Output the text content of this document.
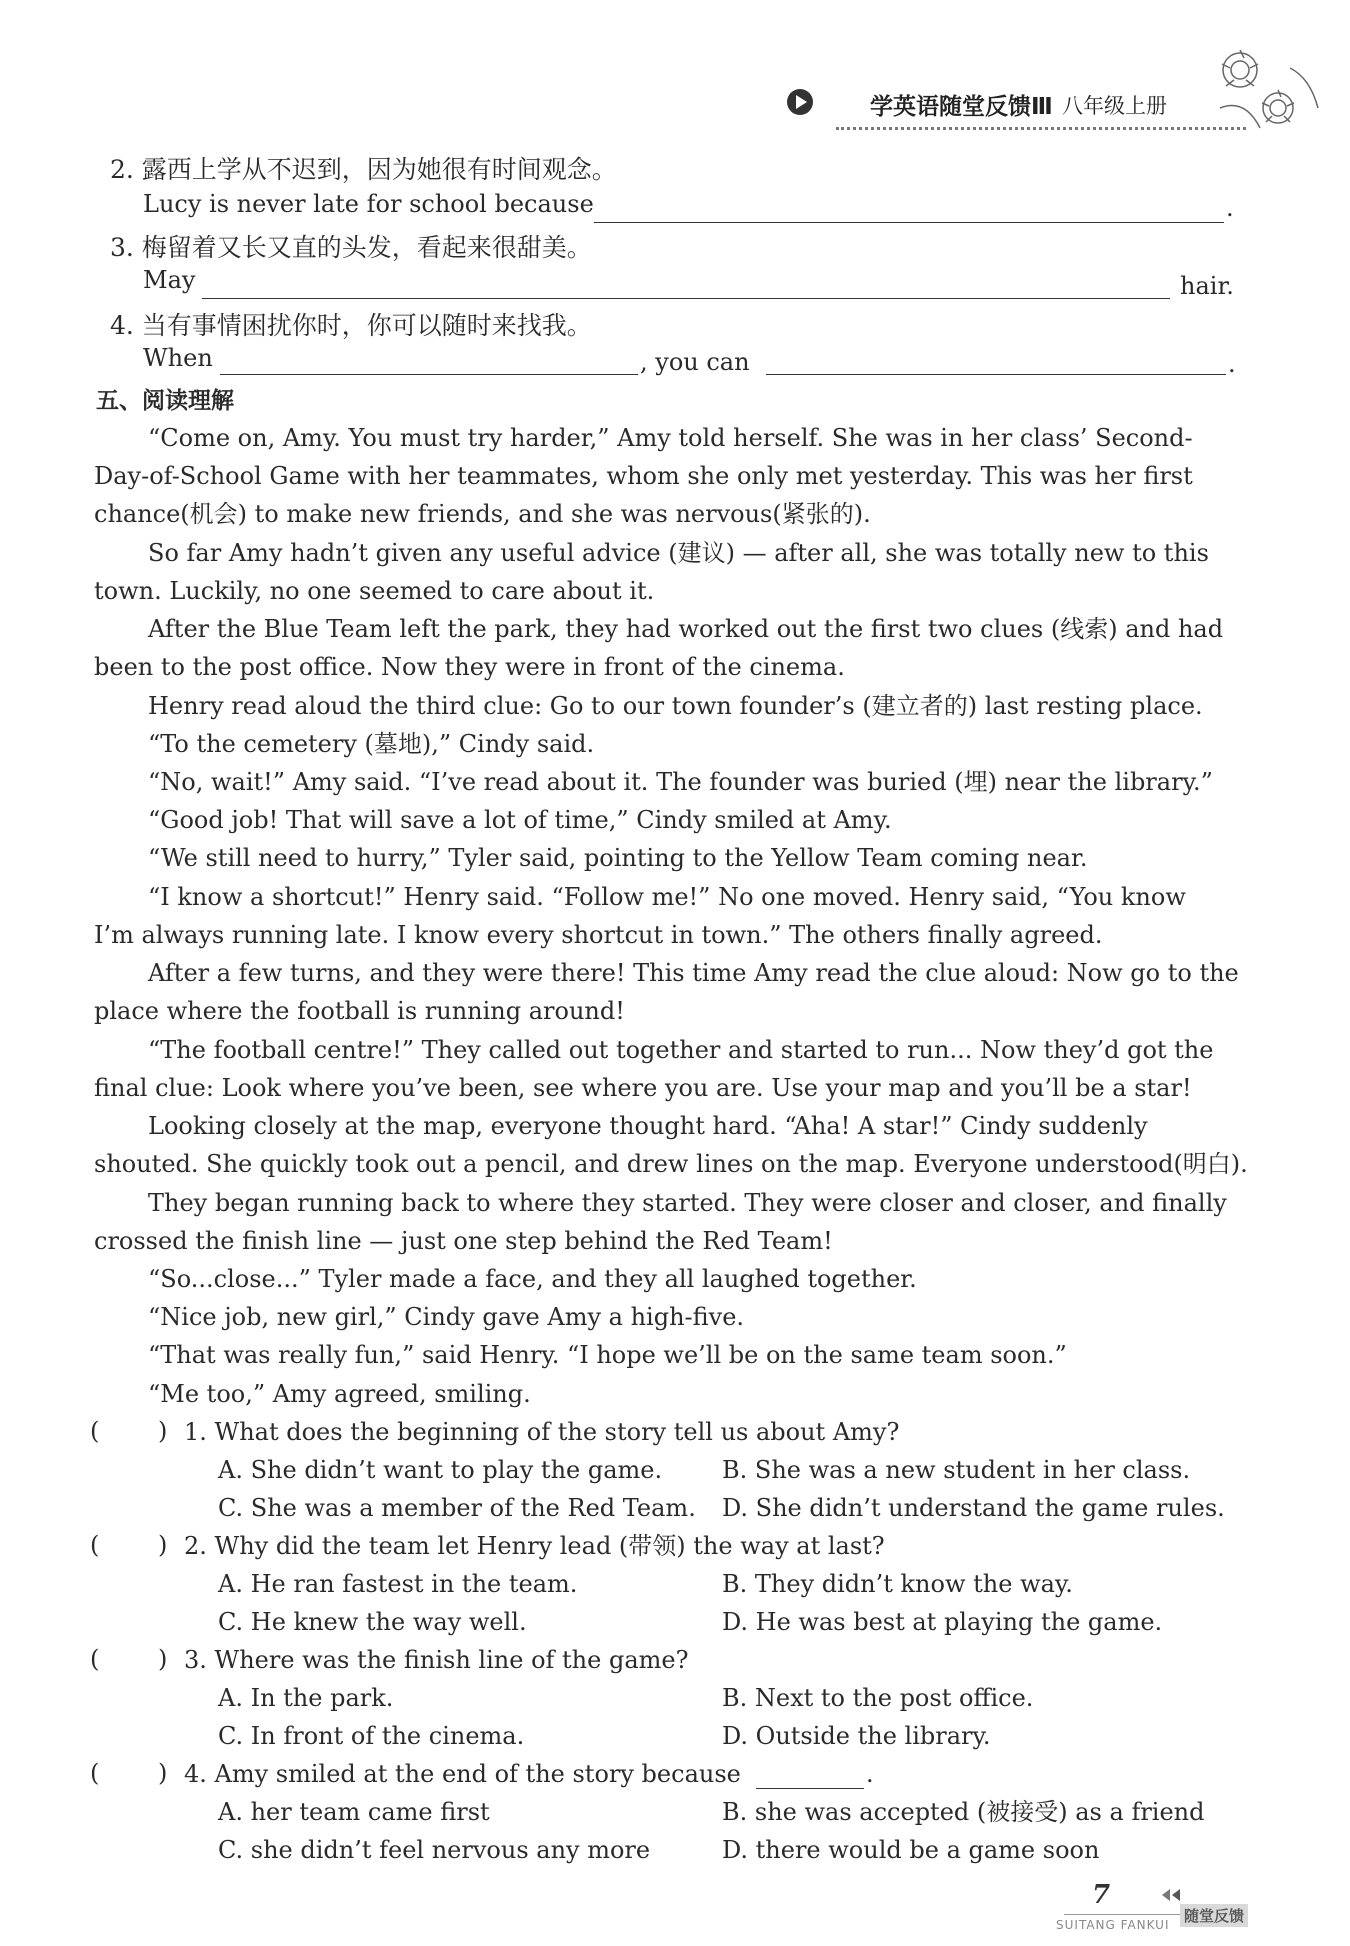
学英语随堂反馈Ⅲ 八年级上册
2. 露西上学从不迟到，因为她很有时间观念。
Lucy is never late for school because	.
3. 梅留着又长又直的头发，看起来很甜美。
May	hair.
4. 当有事情困扰你时，你可以随时来找我。
When	, you can	.
五、阅读理解
“Come on, Amy. You must try harder,” Amy told herself. She was in her class’ Second-
Day-of-School Game with her teammates, whom she only met yesterday. This was her first
chance(机会) to make new friends, and she was nervous(紧张的).
So far Amy hadn’t given any useful advice (建议) — after all, she was totally new to this
town. Luckily, no one seemed to care about it.
After the Blue Team left the park, they had worked out the first two clues (线索) and had
been to the post office. Now they were in front of the cinema.
Henry read aloud the third clue: Go to our town founder’s (建立者的) last resting place.
“To the cemetery (墓地),” Cindy said.
“No, wait!” Amy said. “I’ve read about it. The founder was buried (埋) near the library.”
“Good job! That will save a lot of time,” Cindy smiled at Amy.
“We still need to hurry,” Tyler said, pointing to the Yellow Team coming near.
“I know a shortcut!” Henry said. “Follow me!” No one moved. Henry said, “You know
I’m always running late. I know every shortcut in town.” The others finally agreed.
After a few turns, and they were there! This time Amy read the clue aloud: Now go to the
place where the football is running around!
“The football centre!” They called out together and started to run... Now they’d got the
final clue: Look where you’ve been, see where you are. Use your map and you’ll be a star!
Looking closely at the map, everyone thought hard. “Aha! A star!” Cindy suddenly
shouted. She quickly took out a pencil, and drew lines on the map. Everyone understood(明白).
They began running back to where they started. They were closer and closer, and finally
crossed the finish line — just one step behind the Red Team!
“So...close...” Tyler made a face, and they all laughed together.
“Nice job, new girl,” Cindy gave Amy a high-five.
“That was really fun,” said Henry. “I hope we’ll be on the same team soon.”
“Me too,” Amy agreed, smiling.
( ) 1. What does the beginning of the story tell us about Amy?
A. She didn’t want to play the game. B. She was a new student in her class.
C. She was a member of the Red Team. D. She didn’t understand the game rules.
( ) 2. Why did the team let Henry lead (带领) the way at last?
A. He ran fastest in the team.	B. They didn’t know the way.
C. He knew the way well.	D. He was best at playing the game.
( ) 3. Where was the finish line of the game?
A. In the park.	B. Next to the post office.
C. In front of the cinema.	D. Outside the library.
( ) 4. Amy smiled at the end of the story because	.
A. her team came first	B. she was accepted (被接受) as a friend
C. she didn’t feel nervous any more	D. there would be a game soon
7
SUITANG FANKUI 随堂反馈
